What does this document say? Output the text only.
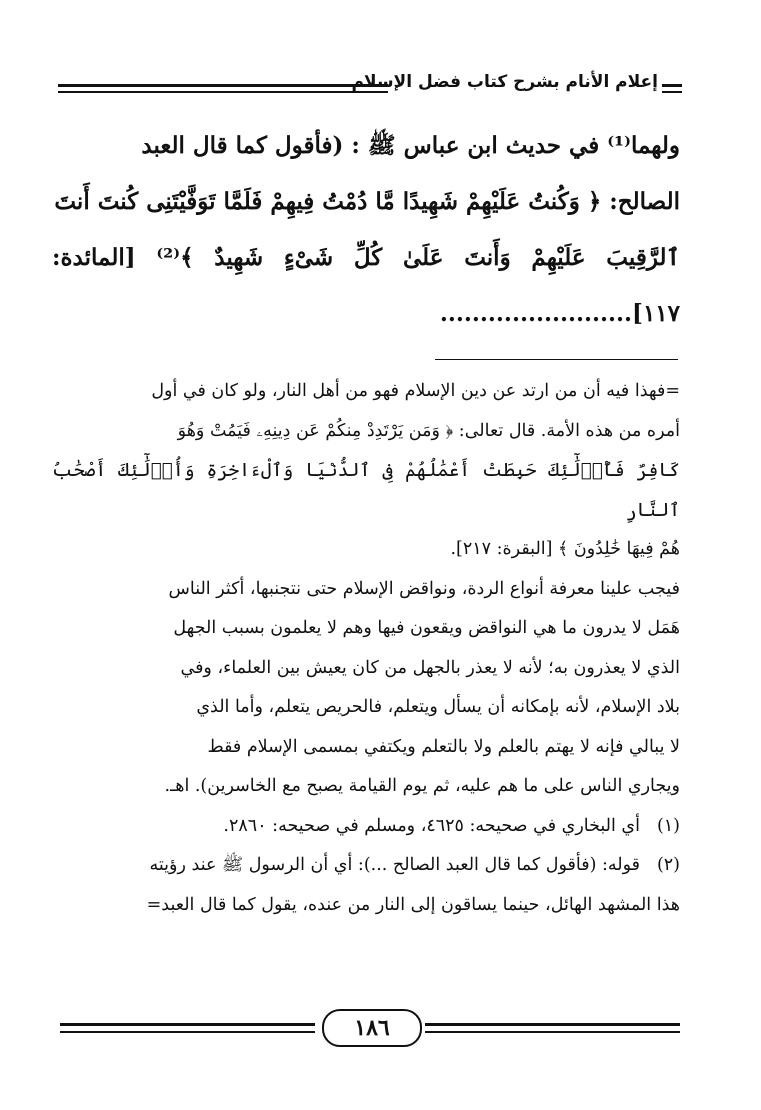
إعلام الأنام بشرح كتاب فضل الإسلام

ولهما⁽¹⁾ في حديث ابن عباس ﷺ : (فأقول كما قال العبد

الصالح: ﴿ وَكُنتُ عَلَيْهِمْ شَهِيدًا مَّا دُمْتُ فِيهِمْ فَلَمَّا تَوَفَّيْتَنِى كُنتَ أَنتَ

ٱلرَّقِيبَ عَلَيْهِمْ وَأَنتَ عَلَىٰ كُلِّ شَىْءٍ شَهِيدٌ ﴾⁽²⁾ [المائدة: ١١٧]........................

=فهذا فيه أن من ارتد عن دين الإسلام فهو من أهل النار، ولو كان في أول

أمره من هذه الأمة. قال تعالى: ﴿ وَمَن يَرْتَدِدْ مِنكُمْ عَن دِينِهِۦ فَيَمُتْ وَهُوَ

كَافِرٌ فَأُو۟لَٰٓئِكَ حَبِطَتْ أَعْمَٰلُهُمْ فِى ٱلدُّنْيَا وَٱلْءَاخِرَةِ وَأُو۟لَٰٓئِكَ أَصْحَٰبُ ٱلنَّارِ

هُمْ فِيهَا خَٰلِدُونَ ﴾ [البقرة: ٢١٧].

فيجب علينا معرفة أنواع الردة، ونواقض الإسلام حتى نتجنبها، أكثر الناس

هَمَل لا يدرون ما هي النواقض ويقعون فيها وهم لا يعلمون بسبب الجهل

الذي لا يعذرون به؛ لأنه لا يعذر بالجهل من كان يعيش بين العلماء، وفي

بلاد الإسلام، لأنه بإمكانه أن يسأل ويتعلم، فالحريص يتعلم، وأما الذي

لا يبالي فإنه لا يهتم بالعلم ولا بالتعلم ويكتفي بمسمى الإسلام فقط

ويجاري الناس على ما هم عليه، ثم يوم القيامة يصبح مع الخاسرين). اهـ.

(١)
أي البخاري في صحيحه: ٤٦٢٥، ومسلم في صحيحه: ٢٨٦٠.
(٢)
قوله: (فأقول كما قال العبد الصالح ...): أي أن الرسول ﷺ عند رؤيته

هذا المشهد الهائل، حينما يساقون إلى النار من عنده، يقول كما قال العبد=

١٨٦
